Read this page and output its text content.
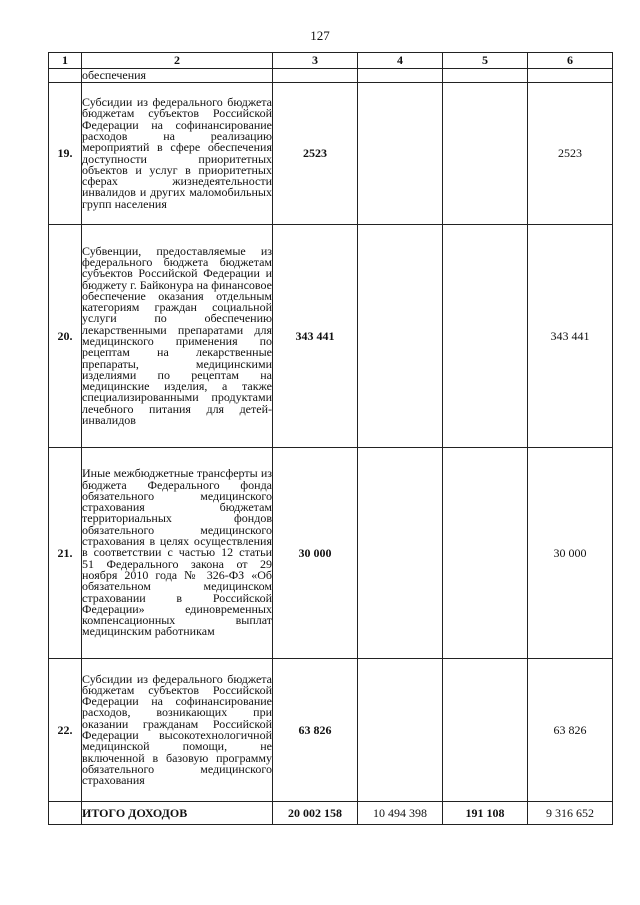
127
1	2	3	4	5	6
	обеспечения				
19.	Субсидии из федерального бюджета бюджетам субъектов Российской Федерации на софинансирование расходов на реализацию мероприятий в сфере обеспечения доступности приоритетных объектов и услуг в приоритетных сферах жизнедеятельности инвалидов и других маломобильных групп населения	2523			2523
20.	Субвенции, предоставляемые из федерального бюджета бюджетам субъектов Российской Федерации и бюджету г. Байконура на финансовое обеспечение оказания отдельным категориям граждан социальной услуги по обеспечению лекарственными препаратами для медицинского применения по рецептам на лекарственные препараты, медицинскими изделиями по рецептам на медицинские изделия, а также специализированными продуктами лечебного питания для детей-инвалидов	343 441			343 441
21.	Иные межбюджетные трансферты из бюджета Федерального фонда обязательного медицинского страхования бюджетам территориальных фондов обязательного медицинского страхования в целях осуществления в соответствии с частью 12 статьи 51 Федерального закона от 29 ноября 2010 года № 326-ФЗ «Об обязательном медицинском страховании в Российской Федерации» единовременных компенсационных выплат медицинским работникам	30 000			30 000
22.	Субсидии из федерального бюджета бюджетам субъектов Российской Федерации на софинансирование расходов, возникающих при оказании гражданам Российской Федерации высокотехнологичной медицинской помощи, не включенной в базовую программу обязательного медицинского страхования	63 826			63 826
	ИТОГО ДОХОДОВ	20 002 158	10 494 398	191 108	9 316 652
